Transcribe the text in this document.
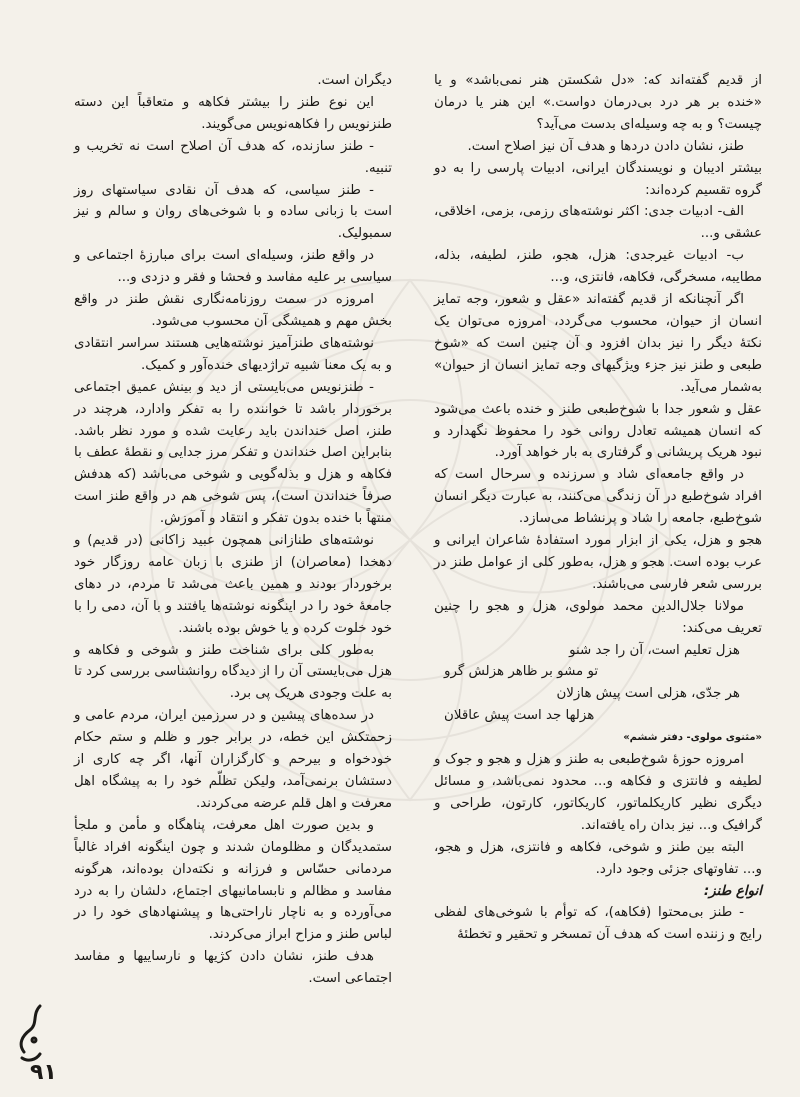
از قدیم گفته‌اند که: «دل شکستن هنر نمی‌باشد» و یا «خنده بر هر درد بی‌درمان دواست.» این هنر یا درمان چیست؟ و به چه وسیله‌ای بدست می‌آید؟

طنز، نشان دادن دردها و هدف آن نیز اصلاح است.

بیشتر ادیبان و نویسندگان ایرانی، ادبیات پارسی را به دو گروه تقسیم کرده‌اند:

الف- ادبیات جدی: اکثر نوشته‌های رزمی، بزمی، اخلاقی، عشقی و...

ب- ادبیات غیرجدی: هزل، هجو، طنز، لطیفه، بذله، مطایبه، مسخرگی، فکاهه، فانتزی، و...

اگر آنچنانکه از قدیم گفته‌اند «عقل و شعور، وجه تمایز انسان از حیوان، محسوب می‌گردد، امروزه می‌توان یک نکتهٔ دیگر را نیز بدان افزود و آن چنین است که «شوخ طبعی و طنز نیز جزء ویژگیهای وجه تمایز انسان از حیوان» به‌شمار می‌آید.

عقل و شعور جدا با شوخ‌طبعی طنز و خنده باعث می‌شود که انسان همیشه تعادل روانی خود را محفوظ نگهدارد و نبود هریک پریشانی و گرفتاری به بار خواهد آورد.

در واقع جامعه‌ای شاد و سرزنده و سرحال است که افراد شوخ‌طبع در آن زندگی می‌کنند، به عبارت دیگر انسان شوخ‌طبع، جامعه را شاد و پرنشاط می‌سازد.

هجو و هزل، یکی از ابزار مورد استفادهٔ شاعران ایرانی و عرب بوده است. هجو و هزل، به‌طور کلی از عوامل طنز در بررسی شعر فارسی می‌باشند.

مولانا جلال‌الدین محمد مولوی، هزل و هجو را چنین تعریف می‌کند:

هزل تعلیم است، آن را جد شنو

تو مشو بر ظاهر هزلش گرو

هر جدّی، هزلی است پیش هازلان

هزلها جد است پیش عاقلان

«مثنوی مولوی- دفتر ششم»

امروزه حوزهٔ شوخ‌طبعی به طنز و هزل و هجو و جوک و لطیفه و فانتزی و فکاهه و... محدود نمی‌باشد، و مسائل دیگری نظیر کاریکلماتور، کاریکاتور، کارتون، طراحی و گرافیک و... نیز بدان راه یافته‌اند.

البته بین طنز و شوخی، فکاهه و فانتزی، هزل و هجو، و... تفاوتهای جزئی وجود دارد.

انواع طنز:

- طنز بی‌محتوا (فکاهه)، که توأم با شوخی‌های لفظی رایج و زننده است که هدف آن تمسخر و تحقیر و تخطئهٔ

دیگران است.

این نوع طنز را بیشتر فکاهه و متعاقباً این دسته طنزنویس را فکاهه‌نویس می‌گویند.

- طنز سازنده، که هدف آن اصلاح است نه تخریب و تنبیه.

- طنز سیاسی، که هدف آن نقادی سیاستهای روز است با زبانی ساده و با شوخی‌های روان و سالم و نیز سمبولیک.

در واقع طنز، وسیله‌ای است برای مبارزهٔ اجتماعی و سیاسی بر علیه مفاسد و فحشا و فقر و دزدی و...

امروزه در سمت روزنامه‌نگاری نقش طنز در واقع بخش مهم و همیشگی آن محسوب می‌شود.

نوشته‌های طنزآمیز نوشته‌هایی هستند سراسر انتقادی و به یک معنا شبیه تراژدیهای خنده‌آور و کمیک.

- طنزنویس می‌بایستی از دید و بینش عمیق اجتماعی برخوردار باشد تا خواننده را به تفکر وادارد، هرچند در طنز، اصل خنداندن باید رعایت شده و مورد نظر باشد. بنابراین اصل خنداندن و تفکر مرز جدایی و نقطهٔ عطف با فکاهه و هزل و بذله‌گویی و شوخی می‌باشد (که هدفش صرفاً خنداندن است)، پس شوخی هم در واقع طنز است منتهاً با خنده بدون تفکر و انتقاد و آموزش.

نوشته‌های طنازانی همچون عبید زاکانی (در قدیم) و دهخدا (معاصران) از طنزی با زبان عامه روزگار خود برخوردار بودند و همین باعث می‌شد تا مردم، در دهای جامعهٔ خود را در اینگونه نوشته‌ها یافتند و با آن، دمی را با خود خلوت کرده و یا خوش بوده باشند.

به‌طور کلی برای شناخت طنز و شوخی و فکاهه و هزل می‌بایستی آن را از دیدگاه روانشناسی بررسی کرد تا به علت وجودی هریک پی برد.

در سده‌های پیشین و در سرزمین ایران، مردم عامی و زحمتکش این خطه، در برابر جور و ظلم و ستم حکام خودخواه و بیرحم و کارگزاران آنها، اگر چه کاری از دستشان برنمی‌آمد، ولیکن تظلّم خود را به پیشگاه اهل معرفت و اهل قلم عرضه می‌کردند.

و بدین صورت اهل معرفت، پناهگاه و مأمن و ملجأ ستمدیدگان و مظلومان شدند و چون اینگونه افراد غالباً مردمانی حسّاس و فرزانه و نکته‌دان بوده‌اند، هرگونه مفاسد و مظالم و نابسامانیهای اجتماع، دلشان را به درد می‌آورده و به ناچار ناراحتی‌ها و پیشنهادهای خود را در لباس طنز و مزاح ابراز می‌کردند.

هدف طنز، نشان دادن کژیها و نارساییها و مفاسد اجتماعی است.

۹۱
